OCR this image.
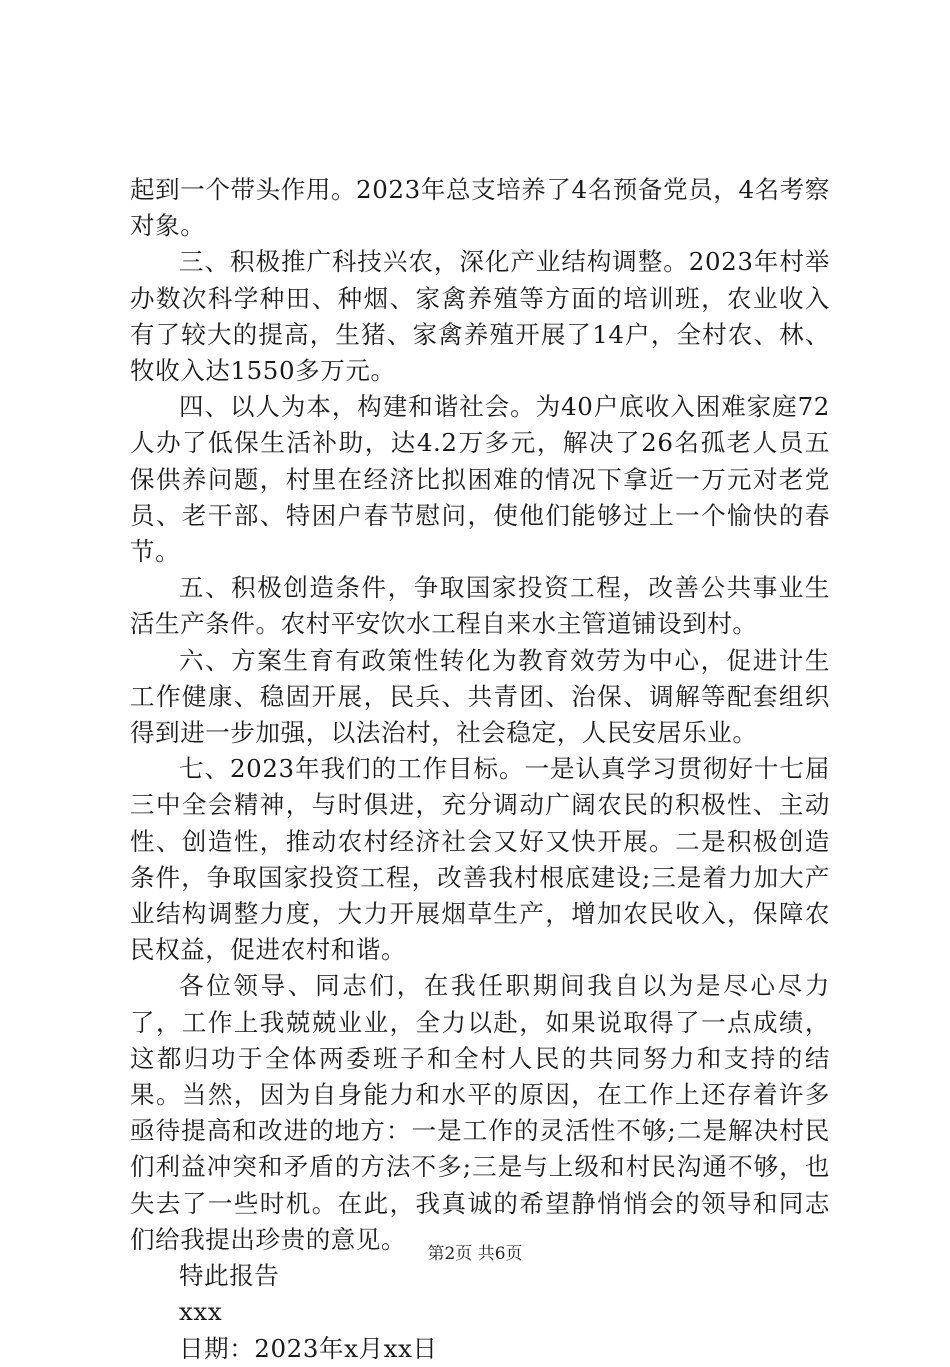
起到一个带头作用。2023年总支培养了4名预备党员，4名考察对象。

三、积极推广科技兴农，深化产业结构调整。2023年村举办数次科学种田、种烟、家禽养殖等方面的培训班，农业收入有了较大的提高，生猪、家禽养殖开展了14户，全村农、林、牧收入达1550多万元。

四、以人为本，构建和谐社会。为40户底收入困难家庭72人办了低保生活补助，达4.2万多元，解决了26名孤老人员五保供养问题，村里在经济比拟困难的情况下拿近一万元对老党员、老干部、特困户春节慰问，使他们能够过上一个愉快的春节。

五、积极创造条件，争取国家投资工程，改善公共事业生活生产条件。农村平安饮水工程自来水主管道铺设到村。

六、方案生育有政策性转化为教育效劳为中心，促进计生工作健康、稳固开展，民兵、共青团、治保、调解等配套组织得到进一步加强，以法治村，社会稳定，人民安居乐业。

七、2023年我们的工作目标。一是认真学习贯彻好十七届三中全会精神，与时俱进，充分调动广阔农民的积极性、主动性、创造性，推动农村经济社会又好又快开展。二是积极创造条件，争取国家投资工程，改善我村根底建设;三是着力加大产业结构调整力度，大力开展烟草生产，增加农民收入，保障农民权益，促进农村和谐。

各位领导、同志们，在我任职期间我自以为是尽心尽力了，工作上我兢兢业业，全力以赴，如果说取得了一点成绩，这都归功于全体两委班子和全村人民的共同努力和支持的结果。当然，因为自身能力和水平的原因，在工作上还存着许多亟待提高和改进的地方：一是工作的灵活性不够;二是解决村民们利益冲突和矛盾的方法不多;三是与上级和村民沟通不够，也失去了一些时机。在此，我真诚的希望静悄悄会的领导和同志们给我提出珍贵的意见。

特此报告

xxx

日期：2023年x月xx日

第2页 共6页
